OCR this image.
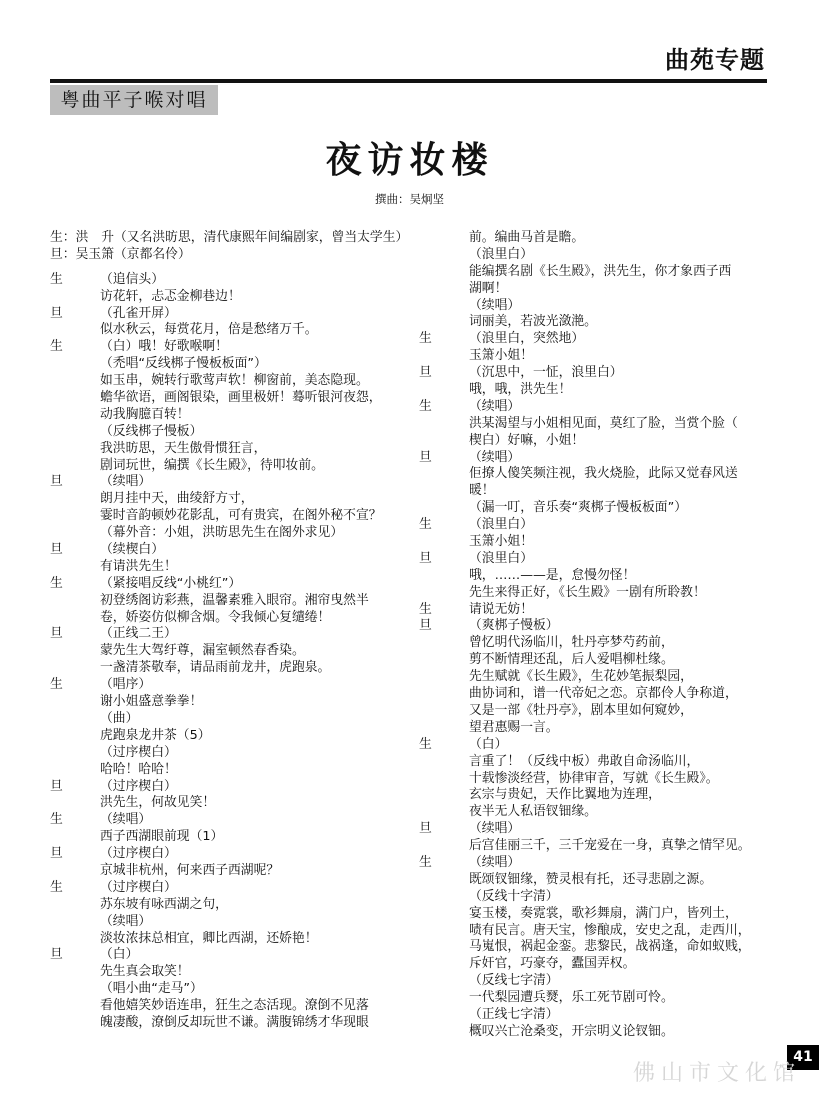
曲苑专题
粤曲平子喉对唱
夜访妆楼
撰曲：吴炯坚
生：洪　升（又名洪昉思，清代康熙年间编剧家，曾当太学生）
旦：吴玉箫（京都名伶）
生	（追信头）
访花轩，忐忑金柳巷边！
旦	（孔雀开屏）
似水秋云，每赏花月，倍是愁绪万千。
生	（白）哦！好歌喉啊！
（禿唱“反线梆子慢板板面”）
如玉串，婉转行歌莺声软！柳窗前，美态隐现。
蟾华欲语，画阁银染，画里极妍！蓦听银河夜怨，
动我胸臆百转！
（反线梆子慢板）
我洪昉思，天生傲骨惯狂言，
剧词玩世，编撰《长生殿》，待叩妆前。
旦	（续唱）
朗月挂中天，曲绫舒方寸，
霎时音韵顿妙花影乱，可有贵宾，在阁外秘不宣？
（幕外音：小姐，洪昉思先生在阁外求见）
旦	（续楔白）
有请洪先生！
生	（紧接唱反线“小桃红”）
初登绣阁访彩燕，温馨素雅入眼帘。湘帘曳然半
卷，娇姿仿似柳含烟。令我倾心复缱绻！
旦	（正线二王）
蒙先生大驾纡尊，漏室顿然春香染。
一盏清茶敬奉，请品雨前龙井，虎跑泉。
生	（唱序）
谢小姐盛意拳拳！
（曲）
虎跑泉龙井茶（5）
（过序楔白）
哈哈！哈哈！
旦	（过序楔白）
洪先生，何故见笑！
生	（续唱）
西子西湖眼前现（1）
旦	（过序楔白）
京城非杭州，何来西子西湖呢？
生	（过序楔白）
苏东坡有咏西湖之句，
（续唱）
淡妆浓抹总相宜，卿比西湖，还娇艳！
旦	（白）
先生真会取笑！
（唱小曲“走马”）
看他嬉笑妙语连串，狂生之态活现。潦倒不见落
魄凄酸，潦倒反却玩世不谦。满腹锦绣才华现眼
前。编曲马首是瞻。
（浪里白）
能编撰名剧《长生殿》，洪先生，你才象西子西
湖啊！
（续唱）
词丽美，若波光潋滟。
生	（浪里白，突然地）
玉箫小姐！
旦	（沉思中，一怔，浪里白）
哦，哦，洪先生！
生	（续唱）
洪某渴望与小姐相见面，莫红了脸，当赏个脸（
楔白）好嘛，小姐！
旦	（续唱）
佢撩人傻笑频注视，我火烧脸，此际又觉春风送
暖！
（漏一叮，音乐奏“爽梆子慢板板面”）
生	（浪里白）
玉箫小姐！
旦	（浪里白）
哦，……——是，怠慢勿怪！
先生来得正好，《长生殿》一剧有所聆教！
生	请说无妨！
旦	（爽梆子慢板）
曾忆明代汤临川，牡丹亭梦芍药前，
剪不断情理还乱，后人爱唱柳杜缘。
先生赋就《长生殿》，生花妙笔振梨园，
曲协词和，谱一代帝妃之恋。京都伶人争称道，
又是一部《牡丹亭》，剧本里如何窥妙，
望君惠赐一言。
生	（白）
言重了！（反线中板）弗敢自命汤临川，
十载惨淡经营，协律审音，写就《长生殿》。
玄宗与贵妃，天作比翼地为连理，
夜半无人私语钗钿缘。
旦	（续唱）
后宫佳丽三千，三千宠爱在一身，真挚之情罕见。
生	（续唱）
既颂钗钿缘，赞灵根有托，还寻悲剧之源。
（反线十字清）
宴玉楼，奏霓裳，歌衫舞扇，满门户，皆列土，
啧有民言。唐天宝，惨酿成，安史之乱，走西川，
马嵬恨，祸起金銮。悲黎民，战祸逢，命如蚁贱，
斥奸官，巧豪夺，蠹国弄权。
（反线七字清）
一代梨园遭兵燹，乐工死节剧可怜。
（正线七字清）
概叹兴亡沧桑变，开宗明义论钗钿。
41
佛山市文化馆
